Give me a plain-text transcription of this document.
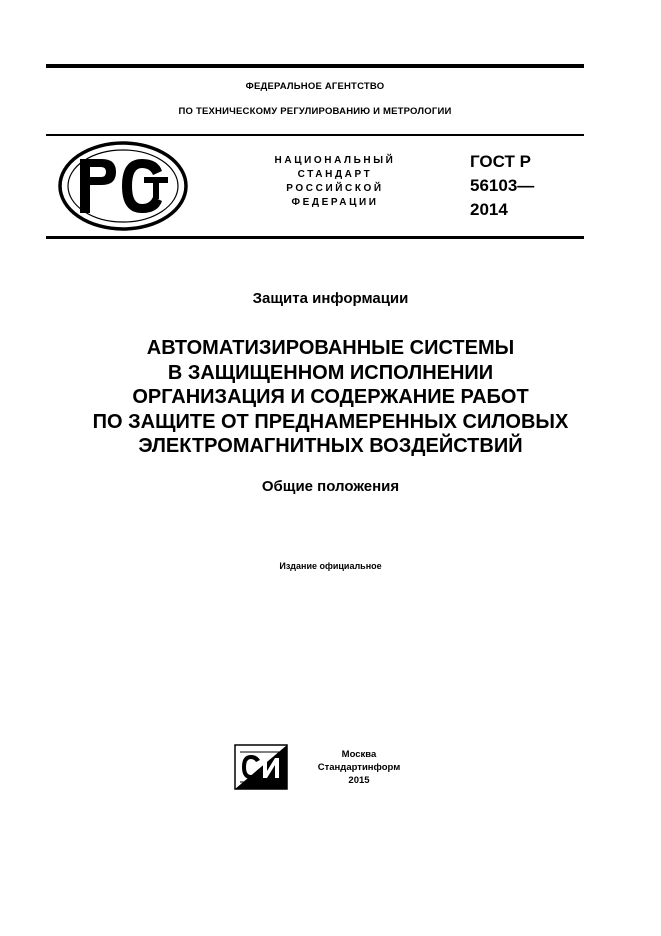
ФЕДЕРАЛЬНОЕ АГЕНТСТВО
ПО ТЕХНИЧЕСКОМУ РЕГУЛИРОВАНИЮ И МЕТРОЛОГИИ
НАЦИОНАЛЬНЫЙ
СТАНДАРТ
РОССИЙСКОЙ
ФЕДЕРАЦИИ
ГОСТ Р
56103—
2014
Защита информации
АВТОМАТИЗИРОВАННЫЕ СИСТЕМЫ
В ЗАЩИЩЕННОМ ИСПОЛНЕНИИ
ОРГАНИЗАЦИЯ И СОДЕРЖАНИЕ РАБОТ
ПО ЗАЩИТЕ ОТ ПРЕДНАМЕРЕННЫХ СИЛОВЫХ
ЭЛЕКТРОМАГНИТНЫХ ВОЗДЕЙСТВИЙ
Общие положения
Издание официальное
Москва
Стандартинформ
2015
